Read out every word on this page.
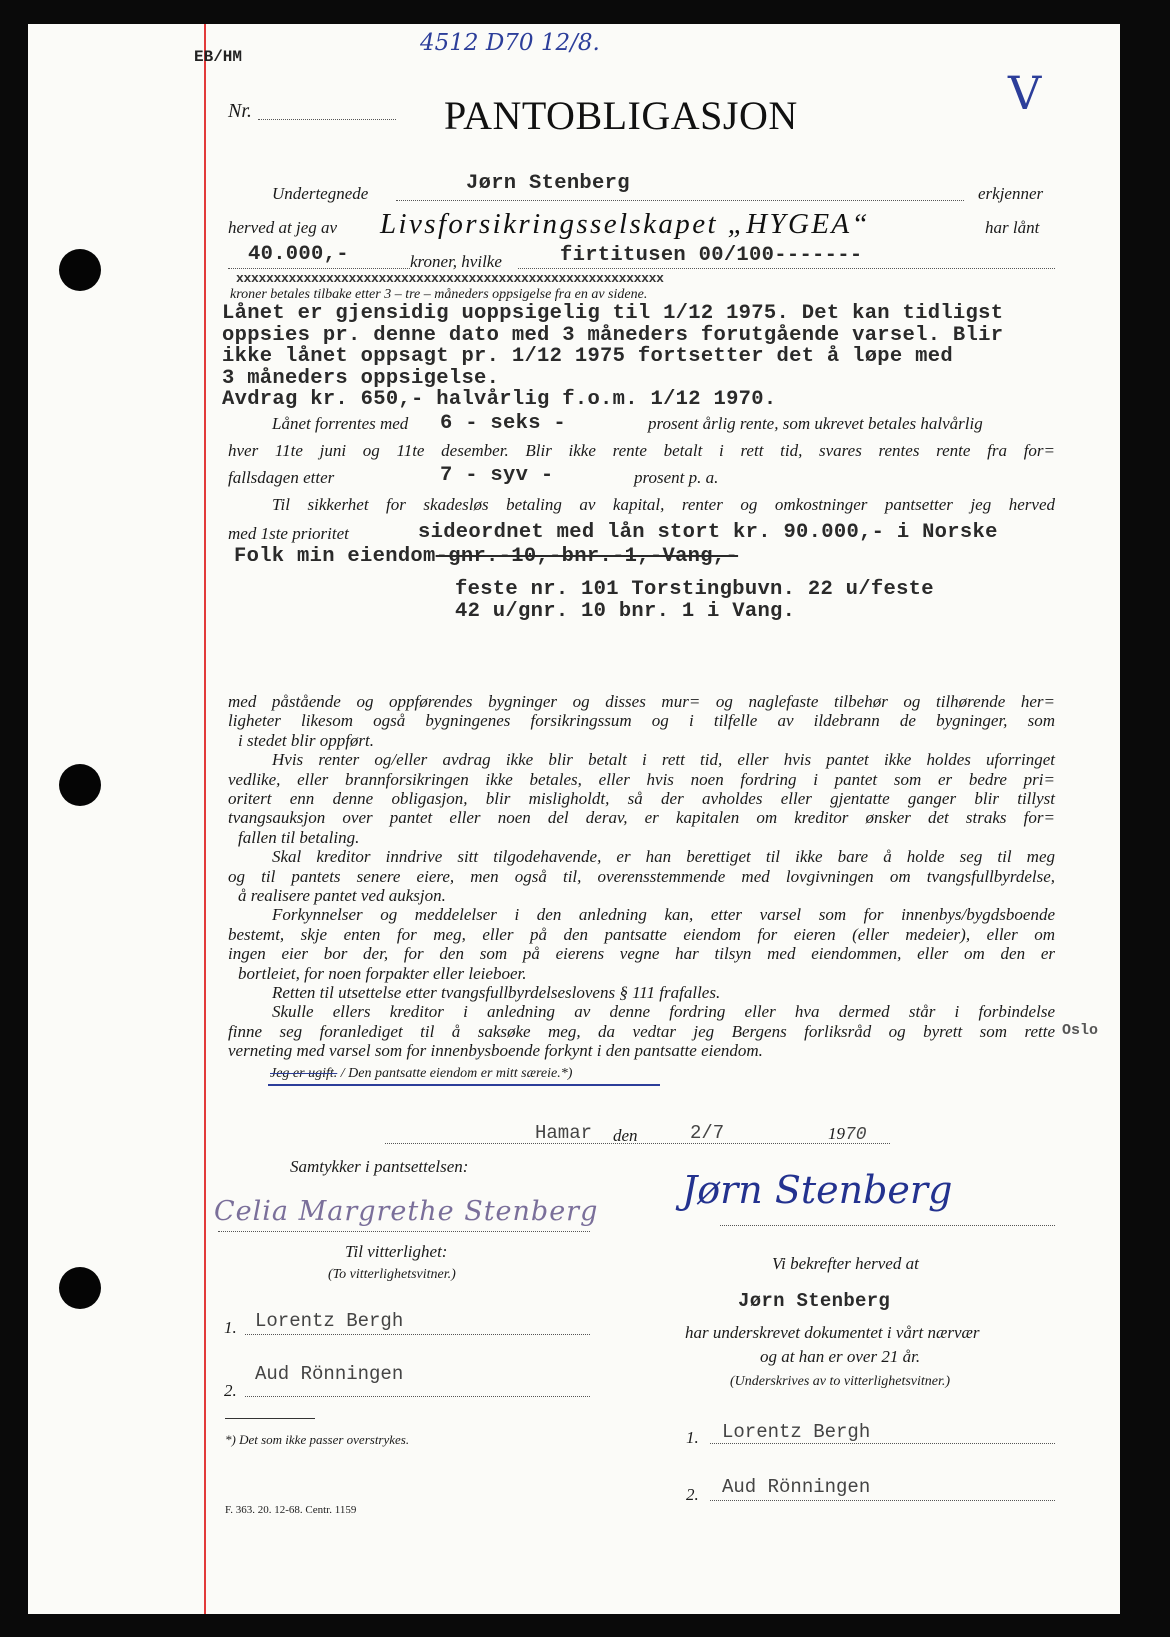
EB/HM
4512 D70 12/8.
V
Nr.	PANTOBLIGASJON
Undertegnede	Jørn Stenberg	erkjenner
herved at jeg av Livsforsikringsselskapet „HYGEA“	har lånt
40.000,-	kroner, hvilke	firtitusen 00/100-------
xxxxxxxxxxxxxxxxxxxxxxxxxxxxxxxxxxxxxxxxxxxxxxxxxxxxxxxxx
kroner betales tilbake etter 3 – tre – måneders oppsigelse fra en av sidene.
Lånet er gjensidig uoppsigelig til 1/12 1975. Det kan tidligst
oppsies pr. denne dato med 3 måneders forutgående varsel. Blir
ikke lånet oppsagt pr. 1/12 1975 fortsetter det å løpe med
3 måneders oppsigelse.
Avdrag kr. 650,- halvårlig f.o.m. 1/12 1970.
Lånet forrentes med 6 - seks -	prosent årlig rente, som ukrevet betales halvårlig
hver 11te juni og 11te desember. Blir ikke rente betalt i rett tid, svares rentes rente fra for=
fallsdagen etter	7 - syv -	prosent p. a.
Til sikkerhet for skadesløs betaling av kapital, renter og omkostninger pantsetter jeg herved
med 1ste prioritet	sideordnet med lån stort kr. 90.000,- i Norske
Folk min eiendom-gnr.-10,-bnr.-1,-Vang,-
feste nr. 101 Torstingbuvn. 22 u/feste
42 u/gnr. 10 bnr. 1 i Vang.
med påstående og oppførendes bygninger og disses mur= og naglefaste tilbehør og tilhørende her=
ligheter likesom også bygningenes forsikringssum og i tilfelle av ildebrann de bygninger, som
i stedet blir oppført.
Hvis renter og/eller avdrag ikke blir betalt i rett tid, eller hvis pantet ikke holdes uforringet
vedlike, eller brannforsikringen ikke betales, eller hvis noen fordring i pantet som er bedre pri=
oritert enn denne obligasjon, blir misligholdt, så der avholdes eller gjentatte ganger blir tillyst
tvangsauksjon over pantet eller noen del derav, er kapitalen om kreditor ønsker det straks for=
fallen til betaling.
Skal kreditor inndrive sitt tilgodehavende, er han berettiget til ikke bare å holde seg til meg
og til pantets senere eiere, men også til, overensstemmende med lovgivningen om tvangsfullbyrdelse,
å realisere pantet ved auksjon.
Forkynnelser og meddelelser i den anledning kan, etter varsel som for innenbys/bygdsboende
bestemt, skje enten for meg, eller på den pantsatte eiendom for eieren (eller medeier), eller om
ingen eier bor der, for den som på eierens vegne har tilsyn med eiendommen, eller om den er
bortleiet, for noen forpakter eller leieboer.
Retten til utsettelse etter tvangsfullbyrdelseslovens § 111 frafalles.
Skulle ellers kreditor i anledning av denne fordring eller hva dermed står i forbindelse
finne seg foranlediget til å saksøke meg, da vedtar jeg Bergens forliksråd og byrett som rette
verneting med varsel som for innenbysboende forkynt i den pantsatte eiendom.
Oslo
Jeg er ugift. / Den pantsatte eiendom er mitt særeie.*)
Hamar den	2/7	1970
Samtykker i pantsettelsen:
Celia Margrethe Stenberg Jørn Stenberg
Til vitterlighet:
(To vitterlighetsvitner.)
1. Lorentz Bergh
2.
Aud Rönningen
*) Det som ikke passer overstrykes.
Vi bekrefter herved at
Jørn Stenberg
har underskrevet dokumentet i vårt nærvær
og at han er over 21 år.
(Underskrives av to vitterlighetsvitner.)
1. Lorentz Bergh
2. Aud Rönningen
F. 363. 20. 12-68. Centr. 1159
